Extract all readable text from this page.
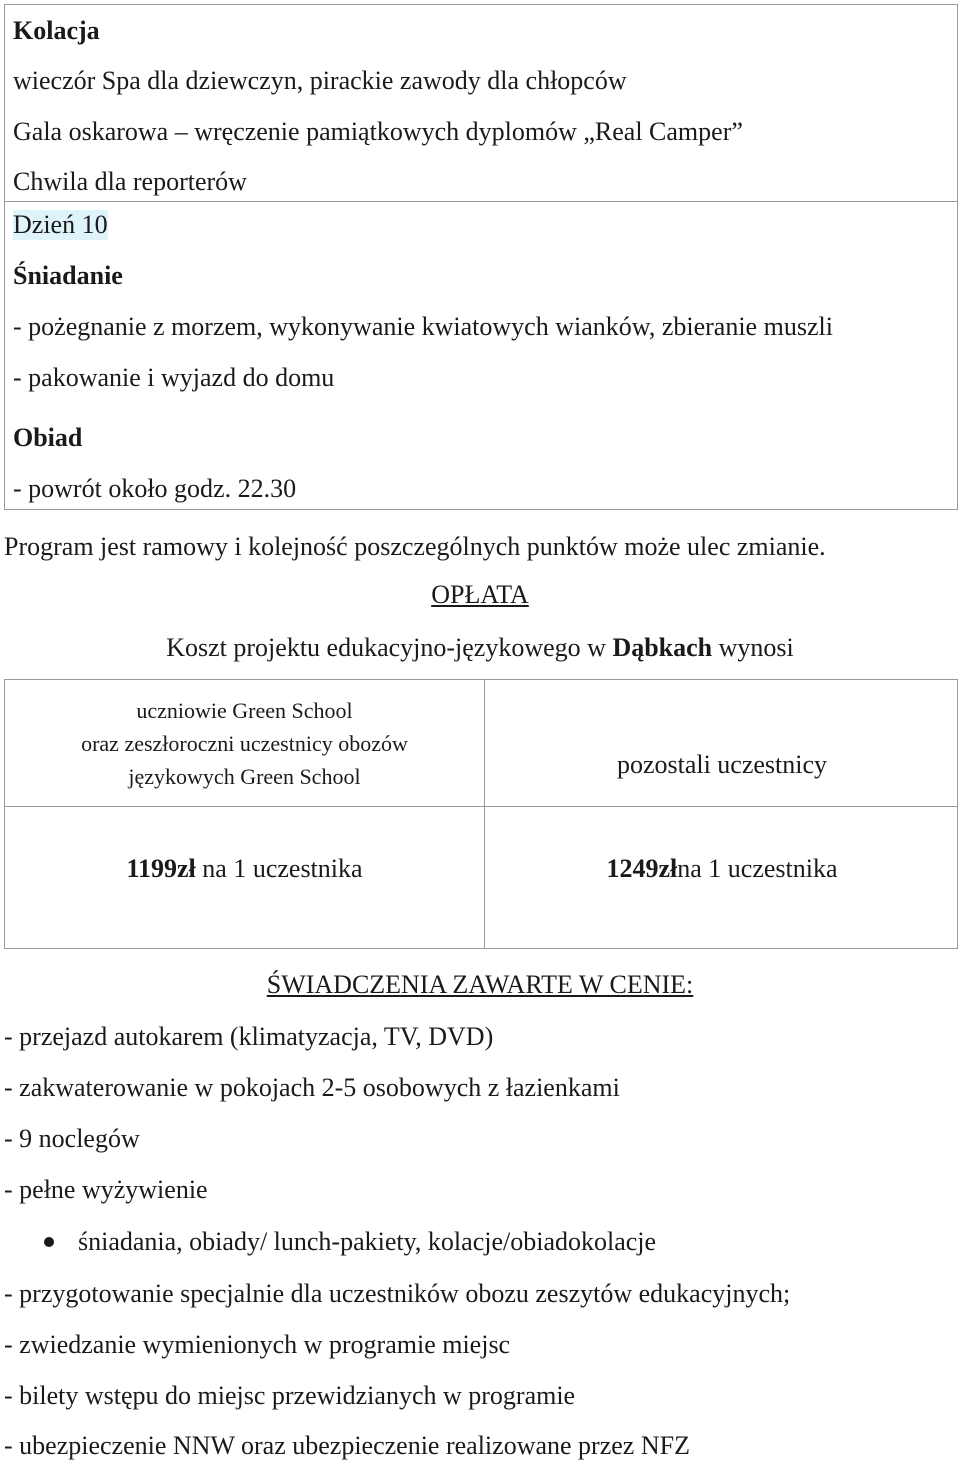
Kolacja
wieczór Spa dla dziewczyn, pirackie zawody dla chłopców
Gala oskarowa – wręczenie pamiątkowych dyplomów „Real Camper”
Chwila dla reporterów
Dzień 10
Śniadanie
- pożegnanie z morzem, wykonywanie kwiatowych wianków, zbieranie muszli
- pakowanie i wyjazd do domu
Obiad
- powrót około godz. 22.30
Program jest ramowy i kolejność poszczególnych punktów może ulec zmianie.
OPŁATA
Koszt projektu edukacyjno-językowego w Dąbkach wynosi
uczniowie Green School
oraz zeszłoroczni uczestnicy obozów
językowych Green School	pozostali uczestnicy
1199zł na 1 uczestnika	1249złna 1 uczestnika
ŚWIADCZENIA ZAWARTE W CENIE:
- przejazd autokarem (klimatyzacja, TV, DVD)
- zakwaterowanie w pokojach 2-5 osobowych z łazienkami
- 9 noclegów
- pełne wyżywienie
śniadania, obiady/ lunch-pakiety, kolacje/obiadokolacje
- przygotowanie specjalnie dla uczestników obozu zeszytów edukacyjnych;
- zwiedzanie wymienionych w programie miejsc
- bilety wstępu do miejsc przewidzianych w programie
- ubezpieczenie NNW oraz ubezpieczenie realizowane przez NFZ
